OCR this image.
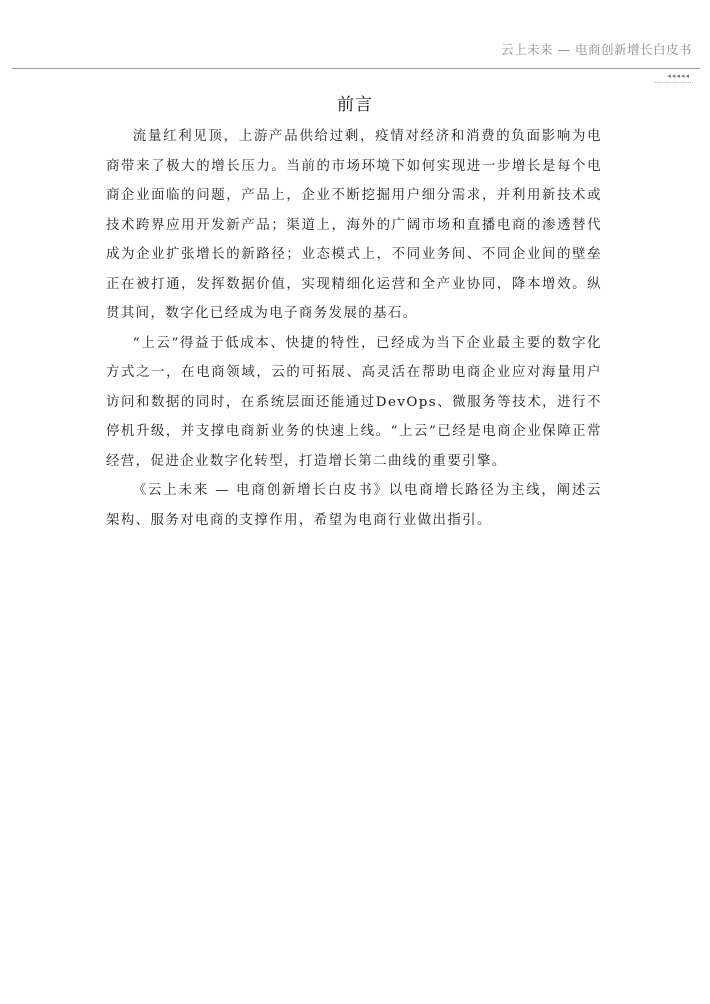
云上未来 — 电商创新增长白皮书
◂◂◂◂◂
前言

流量红利见顶，上游产品供给过剩，疫情对经济和消费的负面影响为电商带来了极大的增长压力。当前的市场环境下如何实现进一步增长是每个电商企业面临的问题，产品上，企业不断挖掘用户细分需求，并利用新技术或技术跨界应用开发新产品；渠道上，海外的广阔市场和直播电商的渗透替代成为企业扩张增长的新路径；业态模式上，不同业务间、不同企业间的壁垒正在被打通，发挥数据价值，实现精细化运营和全产业协同，降本增效。纵贯其间，数字化已经成为电子商务发展的基石。

“上云”得益于低成本、快捷的特性，已经成为当下企业最主要的数字化方式之一，在电商领域，云的可拓展、高灵活在帮助电商企业应对海量用户访问和数据的同时，在系统层面还能通过DevOps、微服务等技术，进行不停机升级，并支撑电商新业务的快速上线。“上云”已经是电商企业保障正常经营，促进企业数字化转型，打造增长第二曲线的重要引擎。

《云上未来 — 电商创新增长白皮书》以电商增长路径为主线，阐述云架构、服务对电商的支撑作用，希望为电商行业做出指引。
